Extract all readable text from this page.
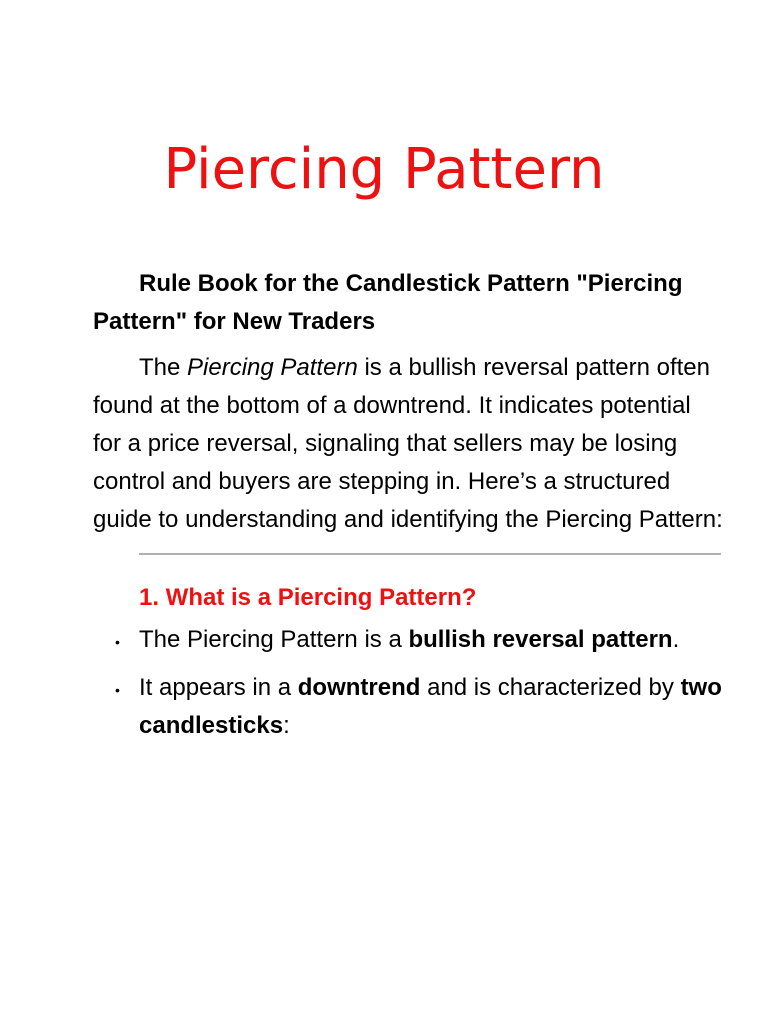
Piercing Pattern

Rule Book for the Candlestick Pattern "Piercing Pattern" for New Traders

The Piercing Pattern is a bullish reversal pattern often found at the bottom of a downtrend. It indicates potential for a price reversal, signaling that sellers may be losing control and buyers are stepping in. Here’s a structured guide to understanding and identifying the Piercing Pattern:

1. What is a Piercing Pattern?
• The Piercing Pattern is a bullish reversal pattern.
• It appears in a downtrend and is characterized by two candlesticks:
